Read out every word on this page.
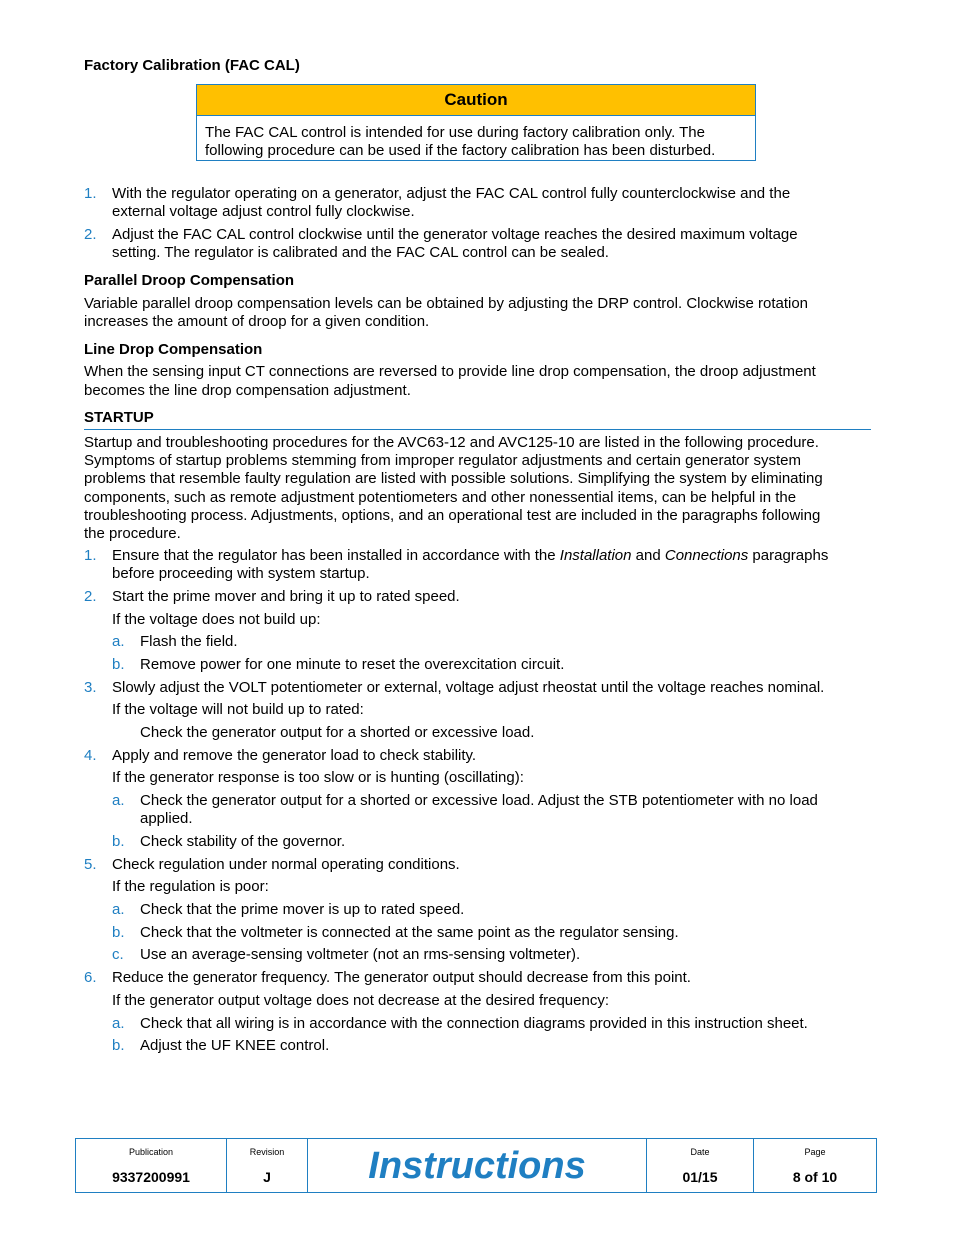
Factory Calibration (FAC CAL)
Caution
The FAC CAL control is intended for use during factory calibration only. The
following procedure can be used if the factory calibration has been disturbed.
1. With the regulator operating on a generator, adjust the FAC CAL control fully counterclockwise and the
external voltage adjust control fully clockwise.
2. Adjust the FAC CAL control clockwise until the generator voltage reaches the desired maximum voltage
setting. The regulator is calibrated and the FAC CAL control can be sealed.
Parallel Droop Compensation
Variable parallel droop compensation levels can be obtained by adjusting the DRP control. Clockwise rotation
increases the amount of droop for a given condition.
Line Drop Compensation
When the sensing input CT connections are reversed to provide line drop compensation, the droop adjustment
becomes the line drop compensation adjustment.
STARTUP
Startup and troubleshooting procedures for the AVC63-12 and AVC125-10 are listed in the following procedure.
Symptoms of startup problems stemming from improper regulator adjustments and certain generator system
problems that resemble faulty regulation are listed with possible solutions. Simplifying the system by eliminating
components, such as remote adjustment potentiometers and other nonessential items, can be helpful in the
troubleshooting process. Adjustments, options, and an operational test are included in the paragraphs following
the procedure.
1. Ensure that the regulator has been installed in accordance with the Installation and Connections paragraphs
before proceeding with system startup.
2. Start the prime mover and bring it up to rated speed.
If the voltage does not build up:
a. Flash the field.
b. Remove power for one minute to reset the overexcitation circuit.
3. Slowly adjust the VOLT potentiometer or external, voltage adjust rheostat until the voltage reaches nominal.
If the voltage will not build up to rated:
Check the generator output for a shorted or excessive load.
4. Apply and remove the generator load to check stability.
If the generator response is too slow or is hunting (oscillating):
a. Check the generator output for a shorted or excessive load. Adjust the STB potentiometer with no load
applied.
b. Check stability of the governor.
5. Check regulation under normal operating conditions.
If the regulation is poor:
a. Check that the prime mover is up to rated speed.
b. Check that the voltmeter is connected at the same point as the regulator sensing.
c. Use an average-sensing voltmeter (not an rms-sensing voltmeter).
6. Reduce the generator frequency. The generator output should decrease from this point.
If the generator output voltage does not decrease at the desired frequency:
a. Check that all wiring is in accordance with the connection diagrams provided in this instruction sheet.
b. Adjust the UF KNEE control.
Publication
9337200991
Revision
J	Instructions	Date
01/15
Page
8 of 10
